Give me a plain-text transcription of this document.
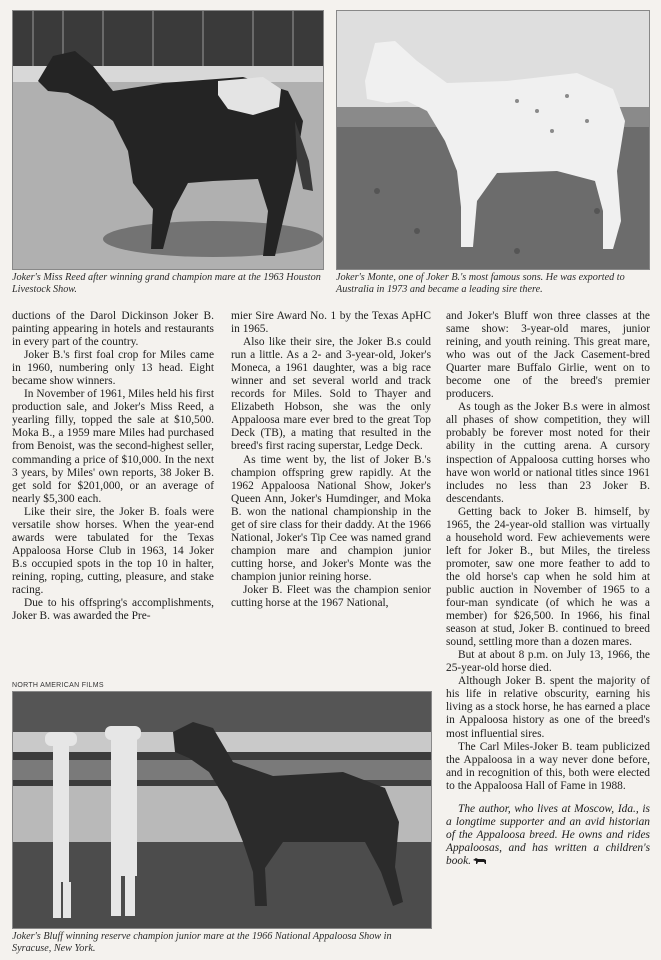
Joker's Miss Reed after winning grand champion mare at the 1963 Houston Livestock Show.
Joker's Monte, one of Joker B.'s most famous sons. He was exported to Australia in 1973 and became a leading sire there.

ductions of the Darol Dickinson Joker B. painting appearing in hotels and restaurants in every part of the country.

Joker B.'s first foal crop for Miles came in 1960, numbering only 13 head. Eight became show winners.

In November of 1961, Miles held his first production sale, and Joker's Miss Reed, a yearling filly, topped the sale at $10,500. Moka B., a 1959 mare Miles had purchased from Benoist, was the second-highest seller, commanding a price of $10,000. In the next 3 years, by Miles' own reports, 38 Joker B. get sold for $201,000, or an average of nearly $5,300 each.

Like their sire, the Joker B. foals were versatile show horses. When the year-end awards were tabulated for the Texas Appaloosa Horse Club in 1963, 14 Joker B.s occupied spots in the top 10 in halter, reining, roping, cutting, pleasure, and stake racing.

Due to his offspring's accomplishments, Joker B. was awarded the Pre-

mier Sire Award No. 1 by the Texas ApHC in 1965.

Also like their sire, the Joker B.s could run a little. As a 2- and 3-year-old, Joker's Moneca, a 1961 daughter, was a big race winner and set several world and track records for Miles. Sold to Thayer and Elizabeth Hobson, she was the only Appaloosa mare ever bred to the great Top Deck (TB), a mating that resulted in the breed's first racing superstar, Ledge Deck.

As time went by, the list of Joker B.'s champion offspring grew rapidly. At the 1962 Appaloosa National Show, Joker's Queen Ann, Joker's Humdinger, and Moka B. won the national championship in the get of sire class for their daddy. At the 1966 National, Joker's Tip Cee was named grand champion mare and champion junior cutting horse, and Joker's Monte was the champion junior reining horse.

Joker B. Fleet was the champion senior cutting horse at the 1967 National,

NORTH AMERICAN FILMS
Joker's Bluff winning reserve champion junior mare at the 1966 National Appaloosa Show in Syracuse, New York.

and Joker's Bluff won three classes at the same show: 3-year-old mares, junior reining, and youth reining. This great mare, who was out of the Jack Casement-bred Quarter mare Buffalo Girlie, went on to become one of the breed's premier producers.

As tough as the Joker B.s were in almost all phases of show competition, they will probably be forever most noted for their ability in the cutting arena. A cursory inspection of Appaloosa cutting horses who have won world or national titles since 1961 includes no less than 23 Joker B. descendants.

Getting back to Joker B. himself, by 1965, the 24-year-old stallion was virtually a household word. Few achievements were left for Joker B., but Miles, the tireless promoter, saw one more feather to add to the old horse's cap when he sold him at public auction in November of 1965 to a four-man syndicate (of which he was a member) for $26,500. In 1966, his final season at stud, Joker B. continued to breed sound, settling more than a dozen mares.

But at about 8 p.m. on July 13, 1966, the 25-year-old horse died.

Although Joker B. spent the majority of his life in relative obscurity, earning his living as a stock horse, he has earned a place in Appaloosa history as one of the breed's most influential sires.

The Carl Miles-Joker B. team publicized the Appaloosa in a way never done before, and in recognition of this, both were elected to the Appaloosa Hall of Fame in 1988.

The author, who lives at Moscow, Ida., is a longtime supporter and an avid historian of the Appaloosa breed. He owns and rides Appaloosas, and has written a children's book.
